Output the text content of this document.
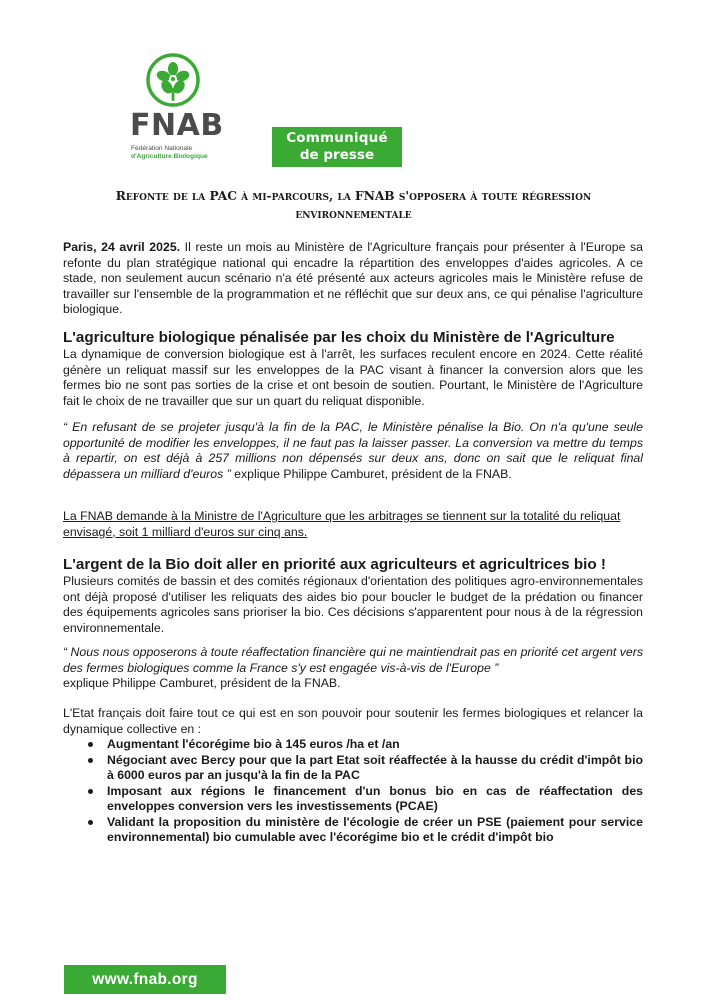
FNAB
Fédération Nationale
d'Agriculture Biologique
Communiqué
de presse
Refonte de la PAC à mi-parcours, la FNAB s'opposera à toute régression environnementale

Paris, 24 avril 2025. Il reste un mois au Ministère de l'Agriculture français pour présenter à l'Europe sa refonte du plan stratégique national qui encadre la répartition des enveloppes d'aides agricoles. A ce stade, non seulement aucun scénario n'a été présenté aux acteurs agricoles mais le Ministère refuse de travailler sur l'ensemble de la programmation et ne réfléchit que sur deux ans, ce qui pénalise l'agriculture biologique.

L'agriculture biologique pénalisée par les choix du Ministère de l'Agriculture

La dynamique de conversion biologique est à l'arrêt, les surfaces reculent encore en 2024. Cette réalité génère un reliquat massif sur les enveloppes de la PAC visant à financer la conversion alors que les fermes bio ne sont pas sorties de la crise et ont besoin de soutien. Pourtant, le Ministère de l'Agriculture fait le choix de ne travailler que sur un quart du reliquat disponible.

“ En refusant de se projeter jusqu'à la fin de la PAC, le Ministère pénalise la Bio. On n'a qu'une seule opportunité de modifier les enveloppes, il ne faut pas la laisser passer. La conversion va mettre du temps à repartir, on est déjà à 257 millions non dépensés sur deux ans, donc on sait que le reliquat final dépassera un milliard d'euros ” explique Philippe Camburet, président de la FNAB.

La FNAB demande à la Ministre de l'Agriculture que les arbitrages se tiennent sur la totalité du reliquat envisagé, soit 1 milliard d'euros sur cinq ans.

L'argent de la Bio doit aller en priorité aux agriculteurs et agricultrices bio !

Plusieurs comités de bassin et des comités régionaux d'orientation des politiques agro-environnementales ont déjà proposé d'utiliser les reliquats des aides bio pour boucler le budget de la prédation ou financer des équipements agricoles sans prioriser la bio. Ces décisions s'apparentent pour nous à de la régression environnementale.

“ Nous nous opposerons à toute réaffectation financière qui ne maintiendrait pas en priorité cet argent vers des fermes biologiques comme la France s'y est engagée vis-à-vis de l'Europe ”
explique Philippe Camburet, président de la FNAB.

L'Etat français doit faire tout ce qui est en son pouvoir pour soutenir les fermes biologiques et relancer la dynamique collective en :

Augmentant l'écorégime bio à 145 euros /ha et /an
Négociant avec Bercy pour que la part Etat soit réaffectée à la hausse du crédit d'impôt bio à 6000 euros par an jusqu'à la fin de la PAC
Imposant aux régions le financement d'un bonus bio en cas de réaffectation des enveloppes conversion vers les investissements (PCAE)
Validant la proposition du ministère de l'écologie de créer un PSE (paiement pour service environnemental) bio cumulable avec l'écorégime bio et le crédit d'impôt bio
www.fnab.org
